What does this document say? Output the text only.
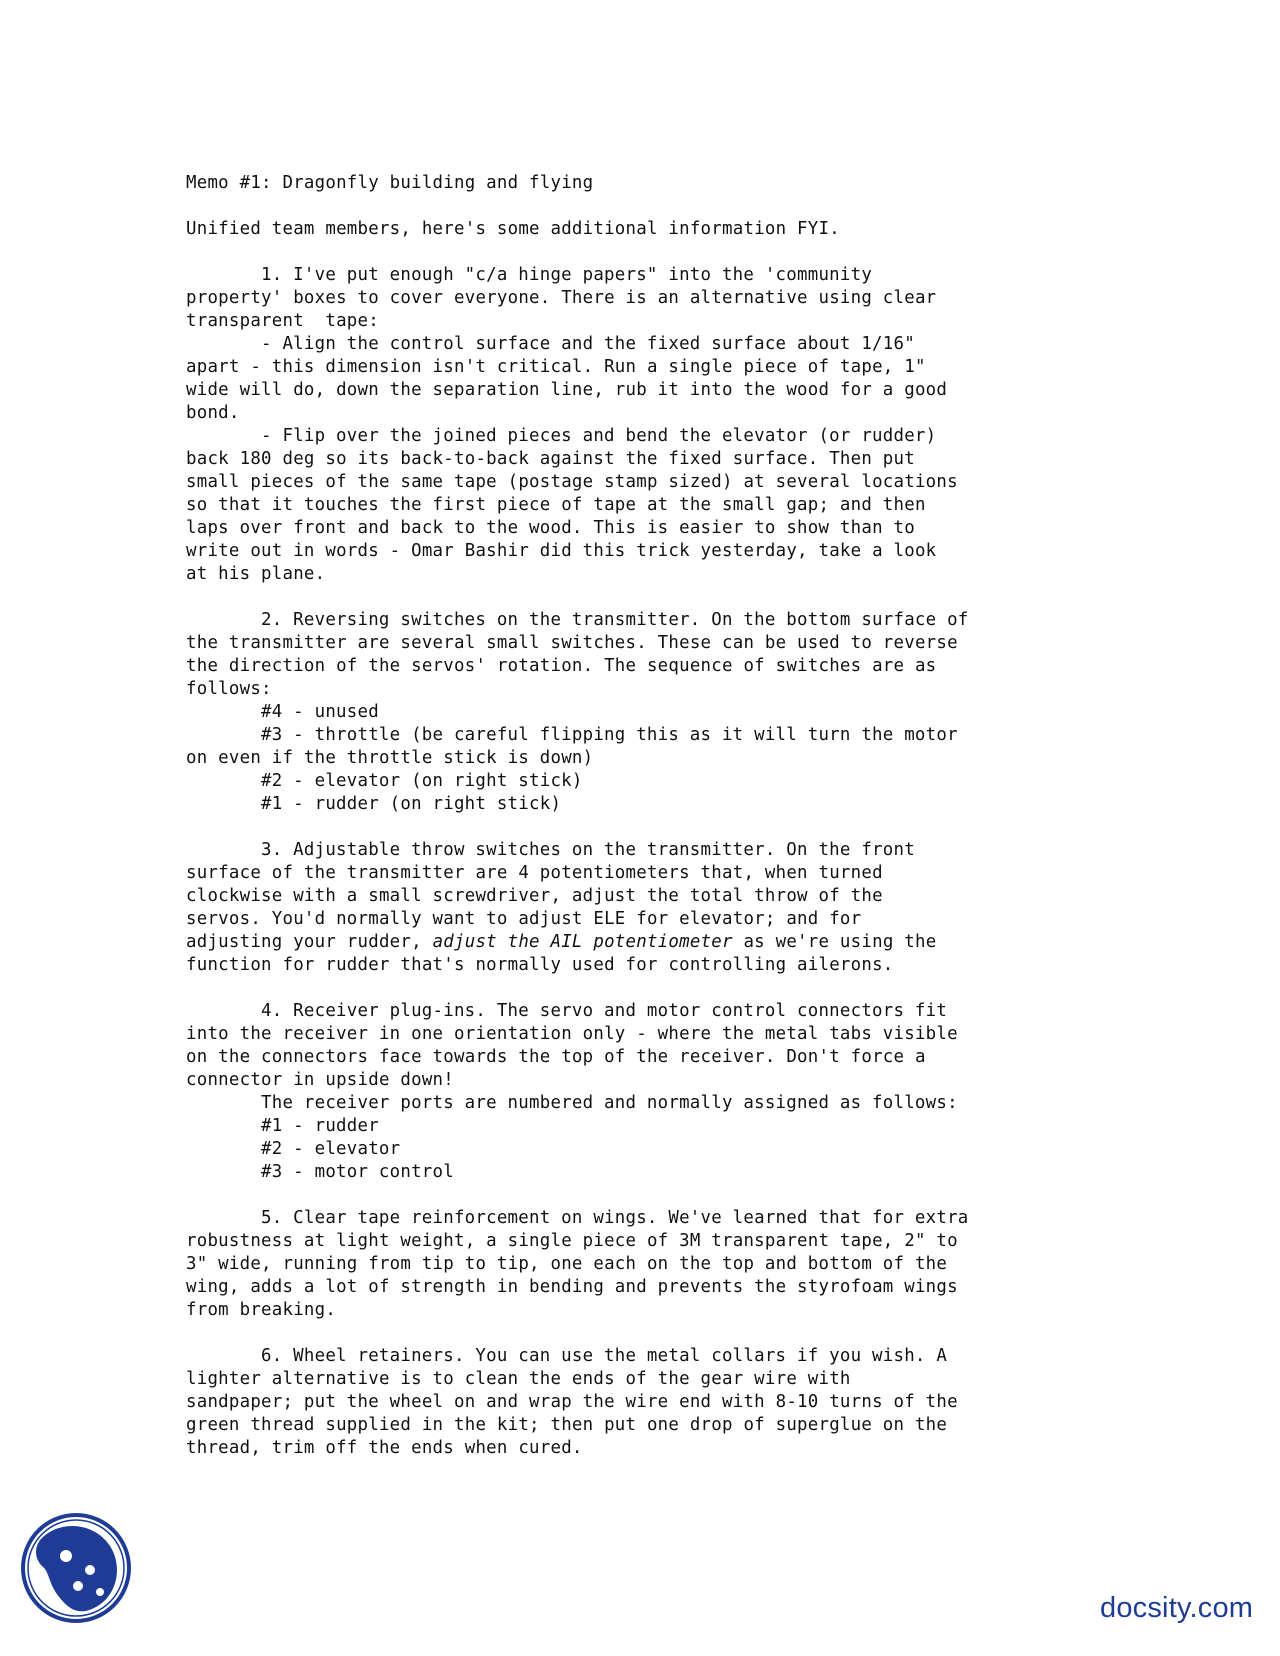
Memo #1: Dragonfly building and flying
Unified team members, here's some additional information FYI.
1. I've put enough "c/a hinge papers" into the 'community
property' boxes to cover everyone. There is an alternative using clear
transparent  tape:
- Align the control surface and the fixed surface about 1/16"
apart - this dimension isn't critical. Run a single piece of tape, 1"
wide will do, down the separation line, rub it into the wood for a good
bond.
- Flip over the joined pieces and bend the elevator (or rudder)
back 180 deg so its back-to-back against the fixed surface. Then put
small pieces of the same tape (postage stamp sized) at several locations
so that it touches the first piece of tape at the small gap; and then
laps over front and back to the wood. This is easier to show than to
write out in words - Omar Bashir did this trick yesterday, take a look
at his plane.
2. Reversing switches on the transmitter. On the bottom surface of
the transmitter are several small switches. These can be used to reverse
the direction of the servos' rotation. The sequence of switches are as
follows:
#4 - unused
#3 - throttle (be careful flipping this as it will turn the motor
on even if the throttle stick is down)
#2 - elevator (on right stick)
#1 - rudder (on right stick)
3. Adjustable throw switches on the transmitter. On the front
surface of the transmitter are 4 potentiometers that, when turned
clockwise with a small screwdriver, adjust the total throw of the
servos. You'd normally want to adjust ELE for elevator; and for
adjusting your rudder, adjust the AIL potentiometer as we're using the
function for rudder that's normally used for controlling ailerons.
4. Receiver plug-ins. The servo and motor control connectors fit
into the receiver in one orientation only - where the metal tabs visible
on the connectors face towards the top of the receiver. Don't force a
connector in upside down!
The receiver ports are numbered and normally assigned as follows:
#1 - rudder
#2 - elevator
#3 - motor control
5. Clear tape reinforcement on wings. We've learned that for extra
robustness at light weight, a single piece of 3M transparent tape, 2" to
3" wide, running from tip to tip, one each on the top and bottom of the
wing, adds a lot of strength in bending and prevents the styrofoam wings
from breaking.
6. Wheel retainers. You can use the metal collars if you wish. A
lighter alternative is to clean the ends of the gear wire with
sandpaper; put the wheel on and wrap the wire end with 8-10 turns of the
green thread supplied in the kit; then put one drop of superglue on the
thread, trim off the ends when cured.
docsity.com
